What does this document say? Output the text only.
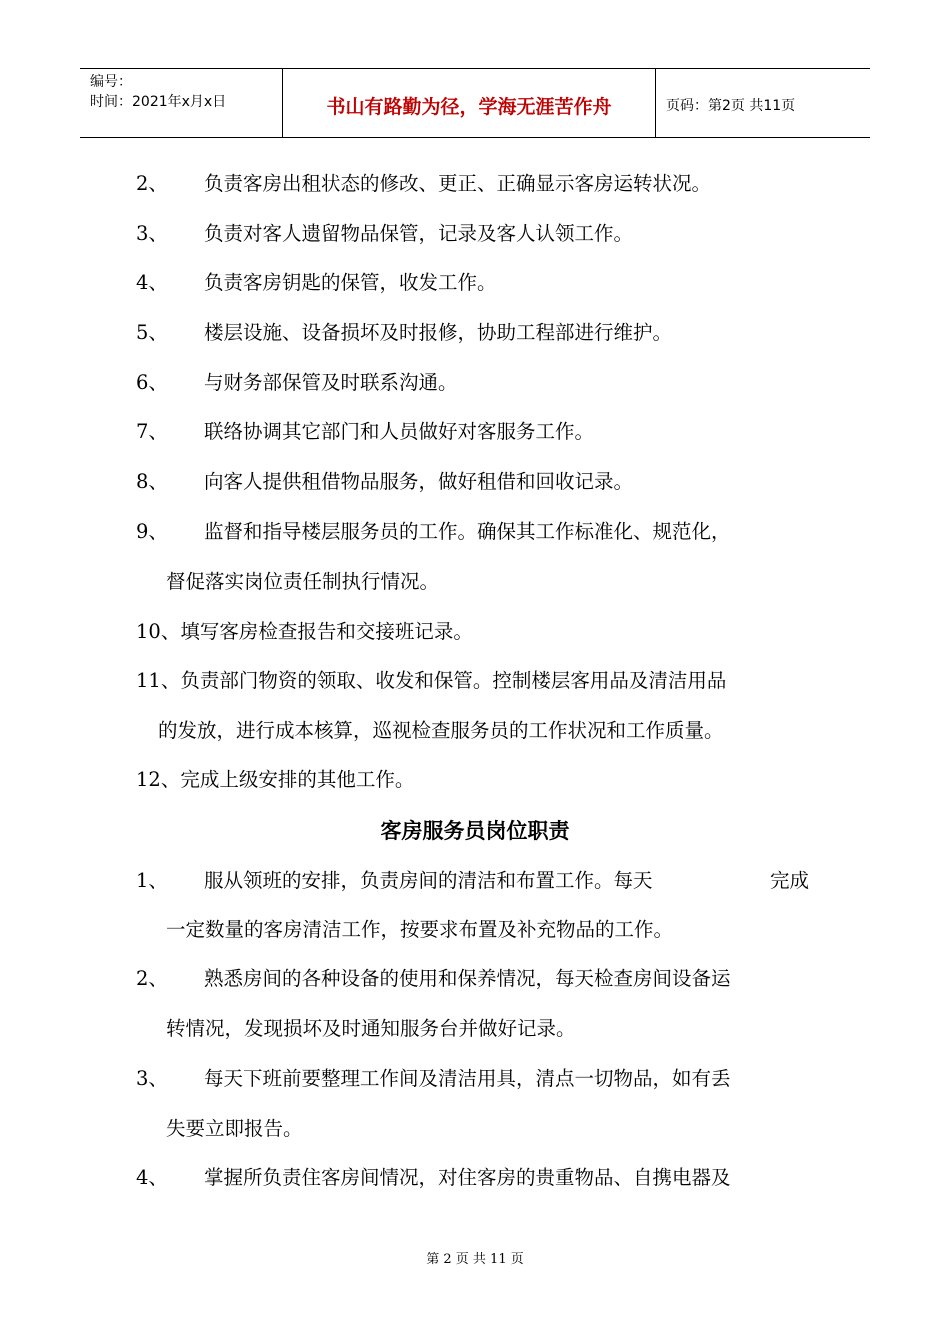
编号：
时间：2021年x月x日	书山有路勤为径，学海无涯苦作舟	页码：第2页 共11页
2、 负责客房出租状态的修改、更正、正确显示客房运转状况。
3、 负责对客人遗留物品保管，记录及客人认领工作。
4、 负责客房钥匙的保管，收发工作。
5、 楼层设施、设备损坏及时报修，协助工程部进行维护。
6、 与财务部保管及时联系沟通。
7、 联络协调其它部门和人员做好对客服务工作。
8、 向客人提供租借物品服务，做好租借和回收记录。
9、 监督和指导楼层服务员的工作。确保其工作标准化、规范化，
督促落实岗位责任制执行情况。
10、填写客房检查报告和交接班记录。
11、负责部门物资的领取、收发和保管。控制楼层客用品及清洁用品
的发放，进行成本核算，巡视检查服务员的工作状况和工作质量。
12、完成上级安排的其他工作。
客房服务员岗位职责
1、 服从领班的安排，负责房间的清洁和布置工作。每天	完成
一定数量的客房清洁工作，按要求布置及补充物品的工作。
2、 熟悉房间的各种设备的使用和保养情况，每天检查房间设备运
转情况，发现损坏及时通知服务台并做好记录。
3、 每天下班前要整理工作间及清洁用具，清点一切物品，如有丢
失要立即报告。
4、 掌握所负责住客房间情况，对住客房的贵重物品、自携电器及
第 2 页 共 11 页
